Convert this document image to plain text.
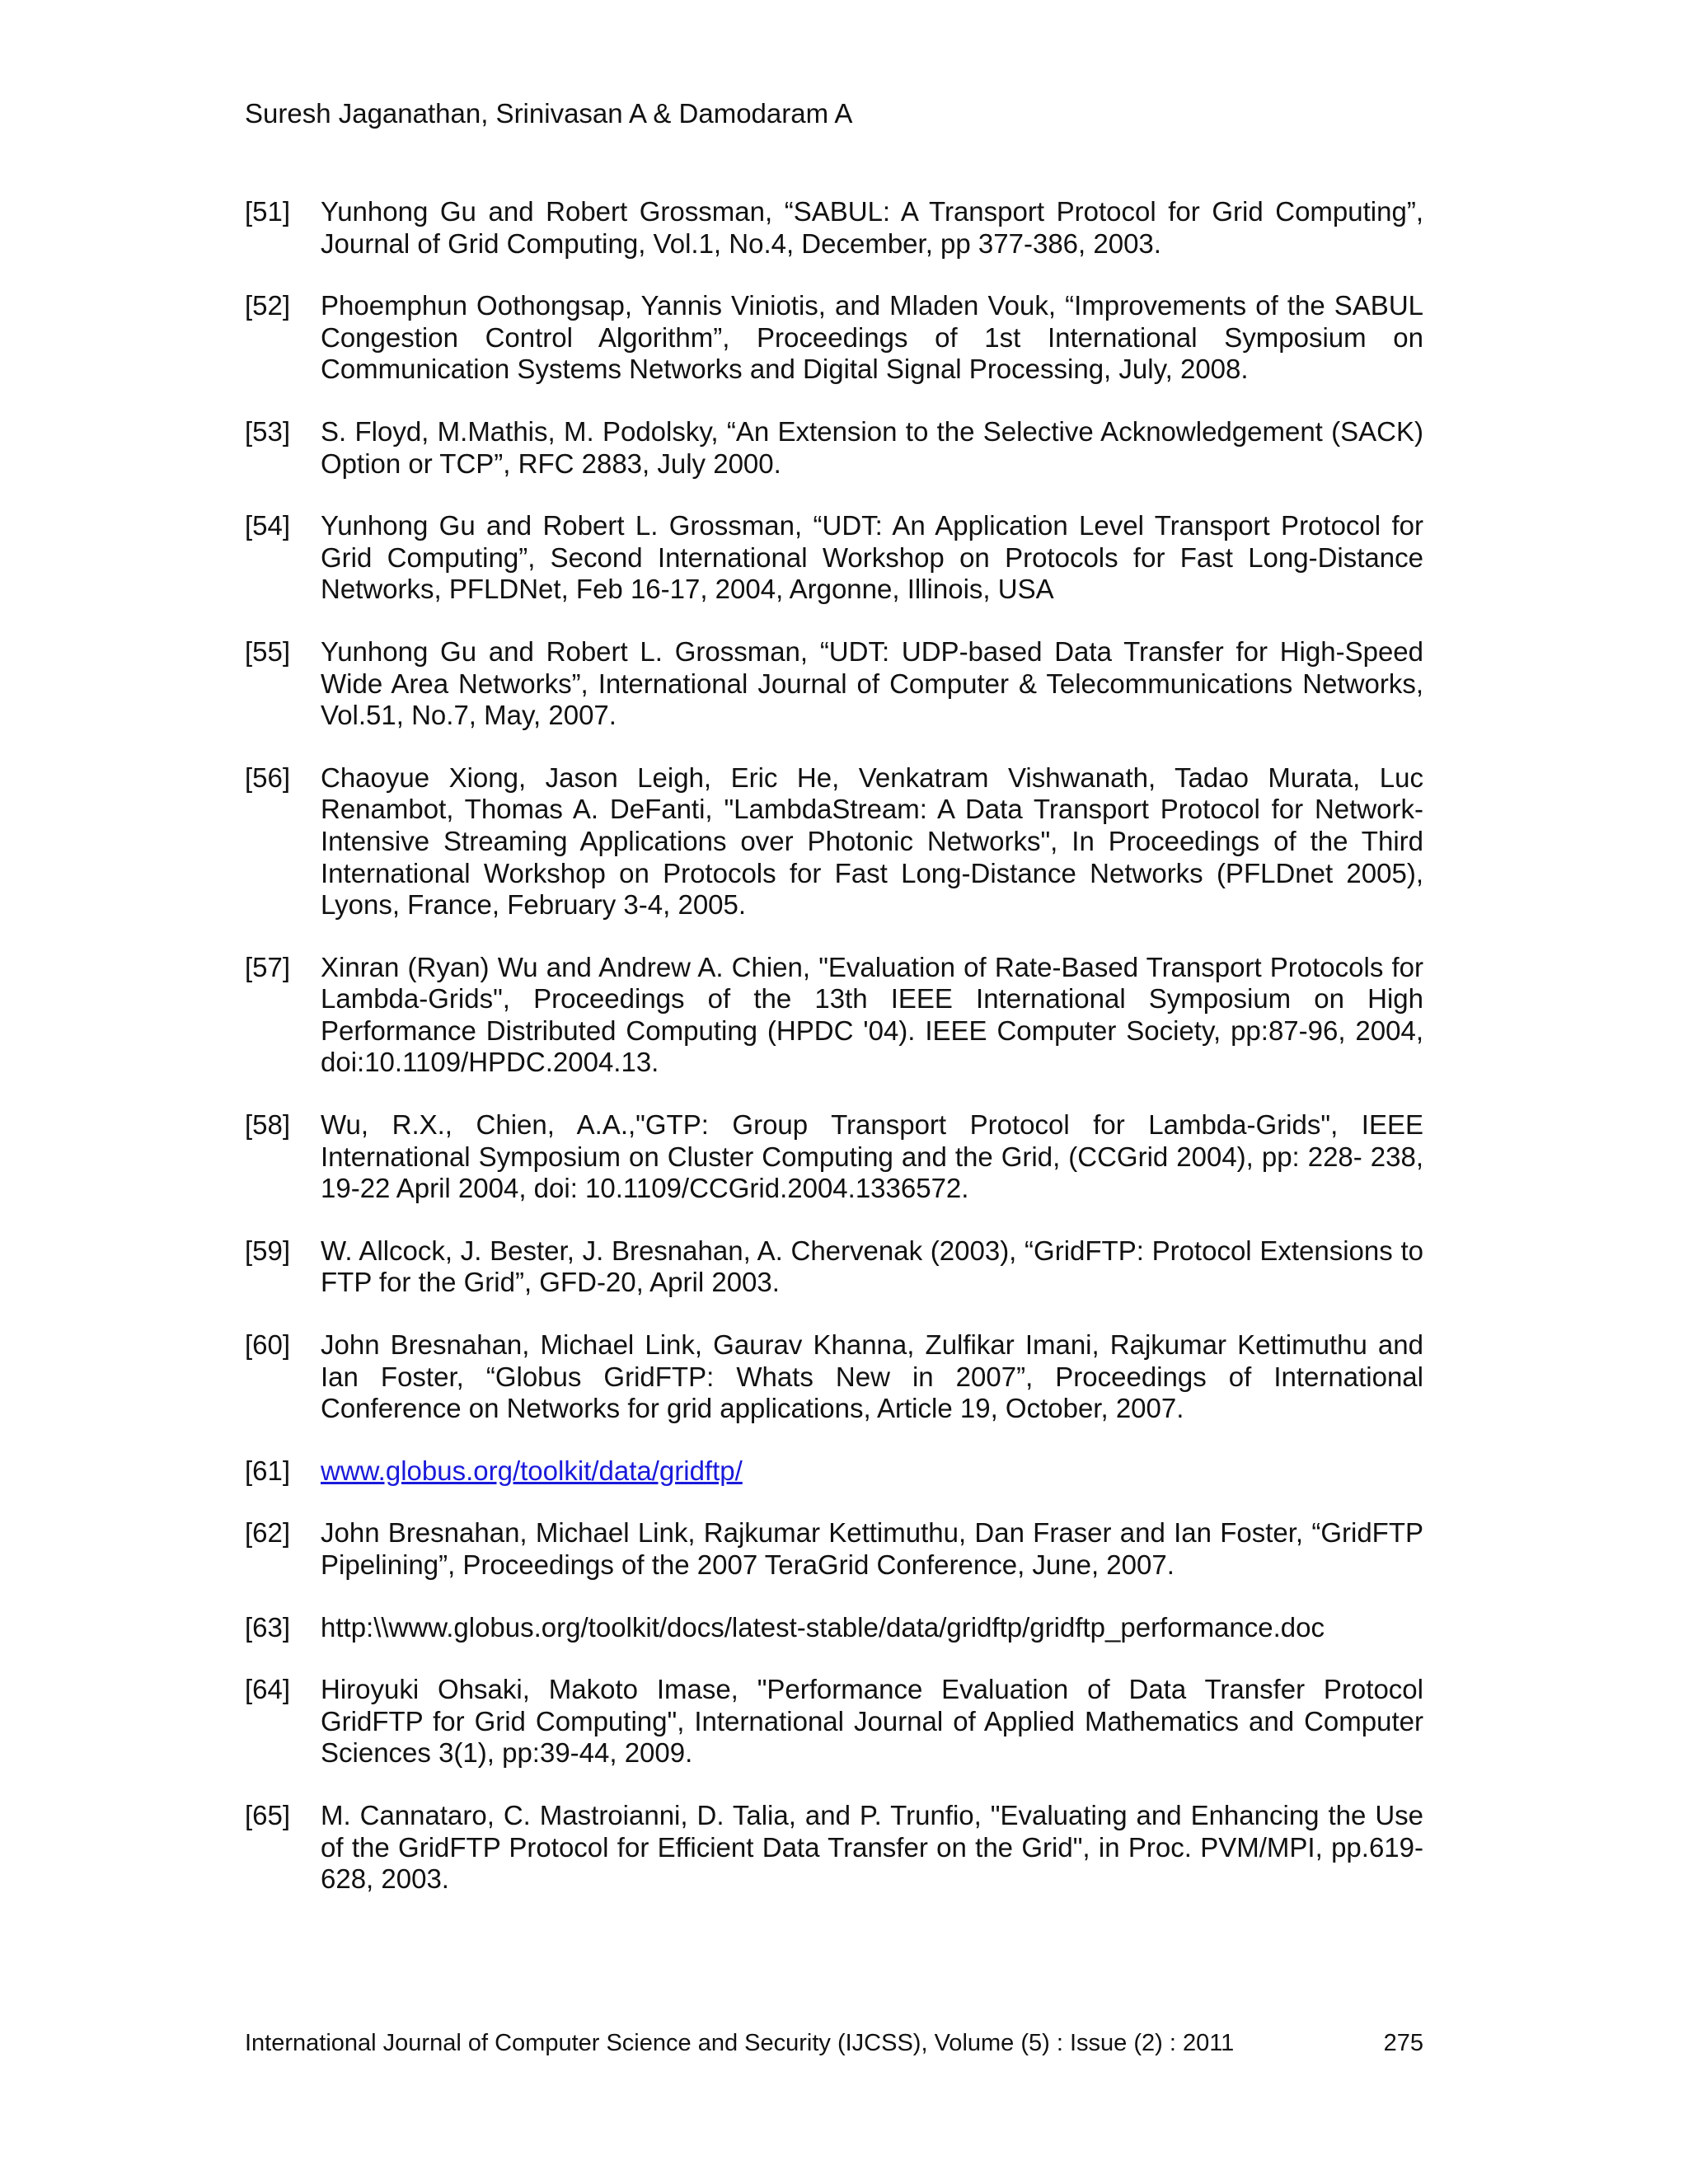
Suresh Jaganathan, Srinivasan A & Damodaram A
[51] Yunhong Gu and Robert Grossman, “SABUL: A Transport Protocol for Grid Computing”, Journal of Grid Computing, Vol.1, No.4, December, pp 377-386, 2003.
[52] Phoemphun Oothongsap, Yannis Viniotis, and Mladen Vouk, “Improvements of the SABUL Congestion Control Algorithm”, Proceedings of 1st International Symposium on Communication Systems Networks and Digital Signal Processing, July, 2008.
[53] S. Floyd, M.Mathis, M. Podolsky, “An Extension to the Selective Acknowledgement (SACK) Option or TCP”, RFC 2883, July 2000.
[54] Yunhong Gu and Robert L. Grossman, “UDT: An Application Level Transport Protocol for Grid Computing”, Second International Workshop on Protocols for Fast Long-Distance Networks, PFLDNet, Feb 16-17, 2004, Argonne, Illinois, USA
[55] Yunhong Gu and Robert L. Grossman, “UDT: UDP-based Data Transfer for High-Speed Wide Area Networks”, International Journal of Computer & Telecommunications Networks, Vol.51, No.7, May, 2007.
[56] Chaoyue Xiong, Jason Leigh, Eric He, Venkatram Vishwanath, Tadao Murata, Luc Renambot, Thomas A. DeFanti, "LambdaStream: A Data Transport Protocol for Network-Intensive Streaming Applications over Photonic Networks", In Proceedings of the Third International Workshop on Protocols for Fast Long-Distance Networks (PFLDnet 2005), Lyons, France, February 3-4, 2005.
[57] Xinran (Ryan) Wu and Andrew A. Chien, "Evaluation of Rate-Based Transport Protocols for Lambda-Grids", Proceedings of the 13th IEEE International Symposium on High Performance Distributed Computing (HPDC '04). IEEE Computer Society, pp:87-96, 2004, doi:10.1109/HPDC.2004.13.
[58] Wu, R.X., Chien, A.A.,"GTP: Group Transport Protocol for Lambda-Grids", IEEE International Symposium on Cluster Computing and the Grid, (CCGrid 2004), pp: 228- 238, 19-22 April 2004, doi: 10.1109/CCGrid.2004.1336572.
[59] W. Allcock, J. Bester, J. Bresnahan, A. Chervenak (2003), “GridFTP: Protocol Extensions to FTP for the Grid”, GFD-20, April 2003.
[60] John Bresnahan, Michael Link, Gaurav Khanna, Zulfikar Imani, Rajkumar Kettimuthu and Ian Foster, “Globus GridFTP: Whats New in 2007”, Proceedings of International Conference on Networks for grid applications, Article 19, October, 2007.
[61] www.globus.org/toolkit/data/gridftp/
[62] John Bresnahan, Michael Link, Rajkumar Kettimuthu, Dan Fraser and Ian Foster, “GridFTP Pipelining”, Proceedings of the 2007 TeraGrid Conference, June, 2007.
[63] http:\\www.globus.org/toolkit/docs/latest-stable/data/gridftp/gridftp_performance.doc
[64] Hiroyuki Ohsaki, Makoto Imase, "Performance Evaluation of Data Transfer Protocol GridFTP for Grid Computing", International Journal of Applied Mathematics and Computer Sciences 3(1), pp:39-44, 2009.
[65] M. Cannataro, C. Mastroianni, D. Talia, and P. Trunfio, "Evaluating and Enhancing the Use of the GridFTP Protocol for Efficient Data Transfer on the Grid", in Proc. PVM/MPI, pp.619-628, 2003.
International Journal of Computer Science and Security (IJCSS), Volume (5) : Issue (2) : 2011	275
